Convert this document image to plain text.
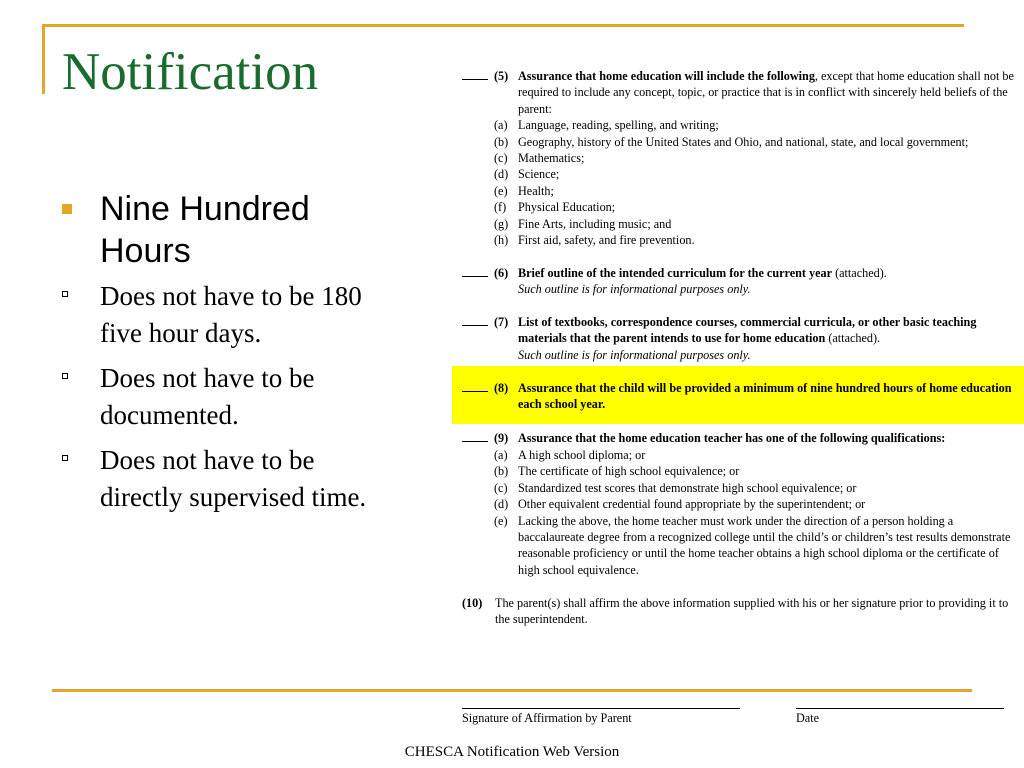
Notification
Nine Hundred Hours
Does not have to be 180 five hour days.
Does not have to be documented.
Does not have to be directly supervised time.
(5) Assurance that home education will include the following, except that home education shall not be required to include any concept, topic, or practice that is in conflict with sincerely held beliefs of the parent:
(a) Language, reading, spelling, and writing;
(b) Geography, history of the United States and Ohio, and national, state, and local government;
(c) Mathematics;
(d) Science;
(e) Health;
(f) Physical Education;
(g) Fine Arts, including music; and
(h) First aid, safety, and fire prevention.
(6) Brief outline of the intended curriculum for the current year (attached).
Such outline is for informational purposes only.
(7) List of textbooks, correspondence courses, commercial curricula, or other basic teaching materials that the parent intends to use for home education (attached).
Such outline is for informational purposes only.
(8) Assurance that the child will be provided a minimum of nine hundred hours of home education each school year.
(9) Assurance that the home education teacher has one of the following qualifications:
(a) A high school diploma; or
(b) The certificate of high school equivalence; or
(c) Standardized test scores that demonstrate high school equivalence; or
(d) Other equivalent credential found appropriate by the superintendent; or
(e) Lacking the above, the home teacher must work under the direction of a person holding a baccalaureate degree from a recognized college until the child’s or children’s test results demonstrate reasonable proficiency or until the home teacher obtains a high school diploma or the certificate of high school equivalence.
(10) The parent(s) shall affirm the above information supplied with his or her signature prior to providing it to the superintendent.
Signature of Affirmation by Parent	Date
CHESCA Notification Web Version
